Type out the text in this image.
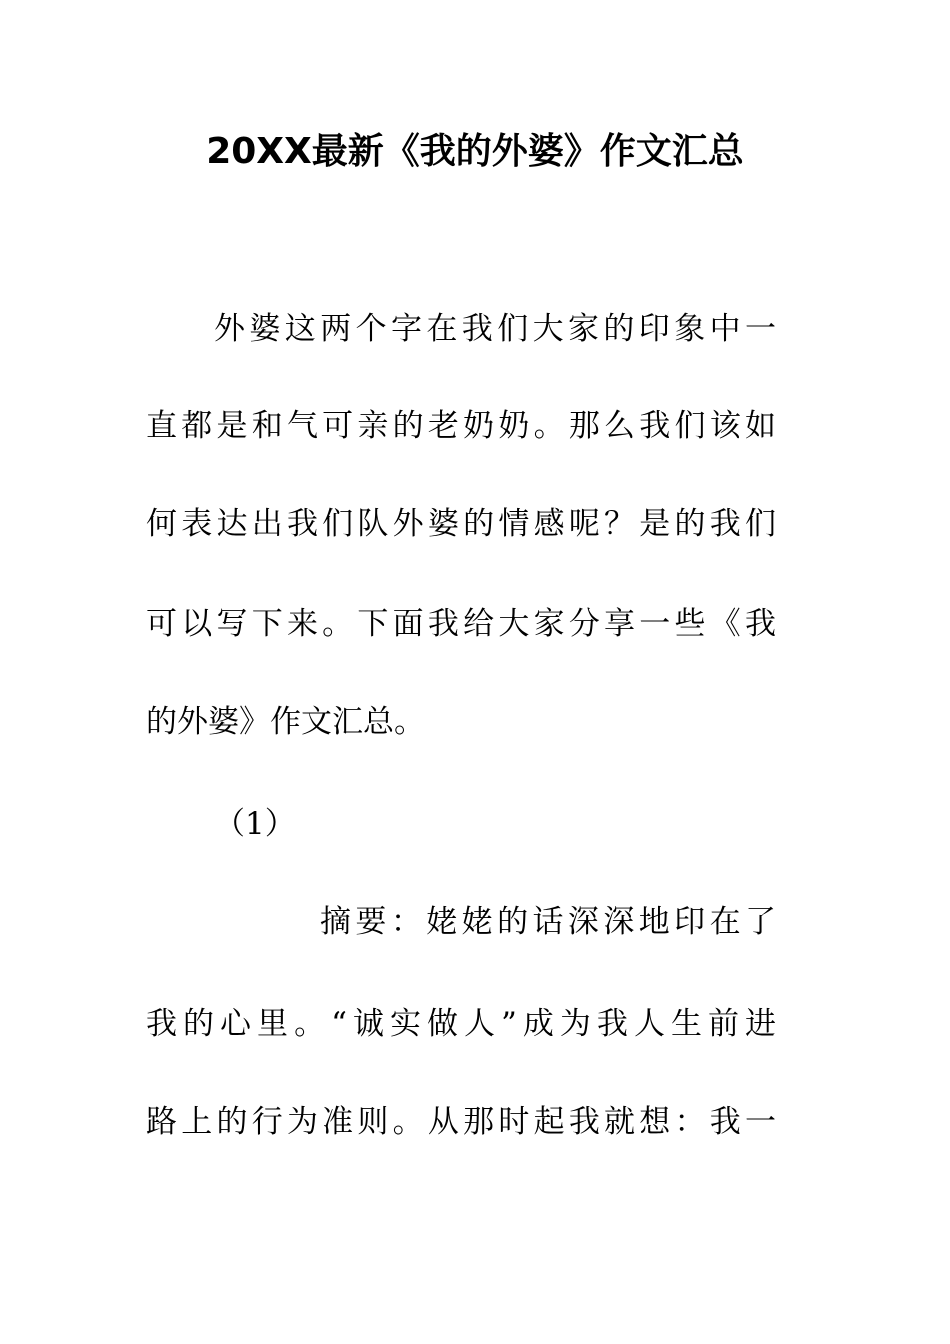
20XX最新《我的外婆》作文汇总
外婆这两个字在我们大家的印象中一
直都是和气可亲的老奶奶。那么我们该如
何表达出我们队外婆的情感呢？是的我们
可以写下来。下面我给大家分享一些《我
的外婆》作文汇总。
（1）
摘要：姥姥的话深深地印在了
我的心里。“诚实做人”成为我人生前进
路上的行为准则。从那时起我就想：我一
